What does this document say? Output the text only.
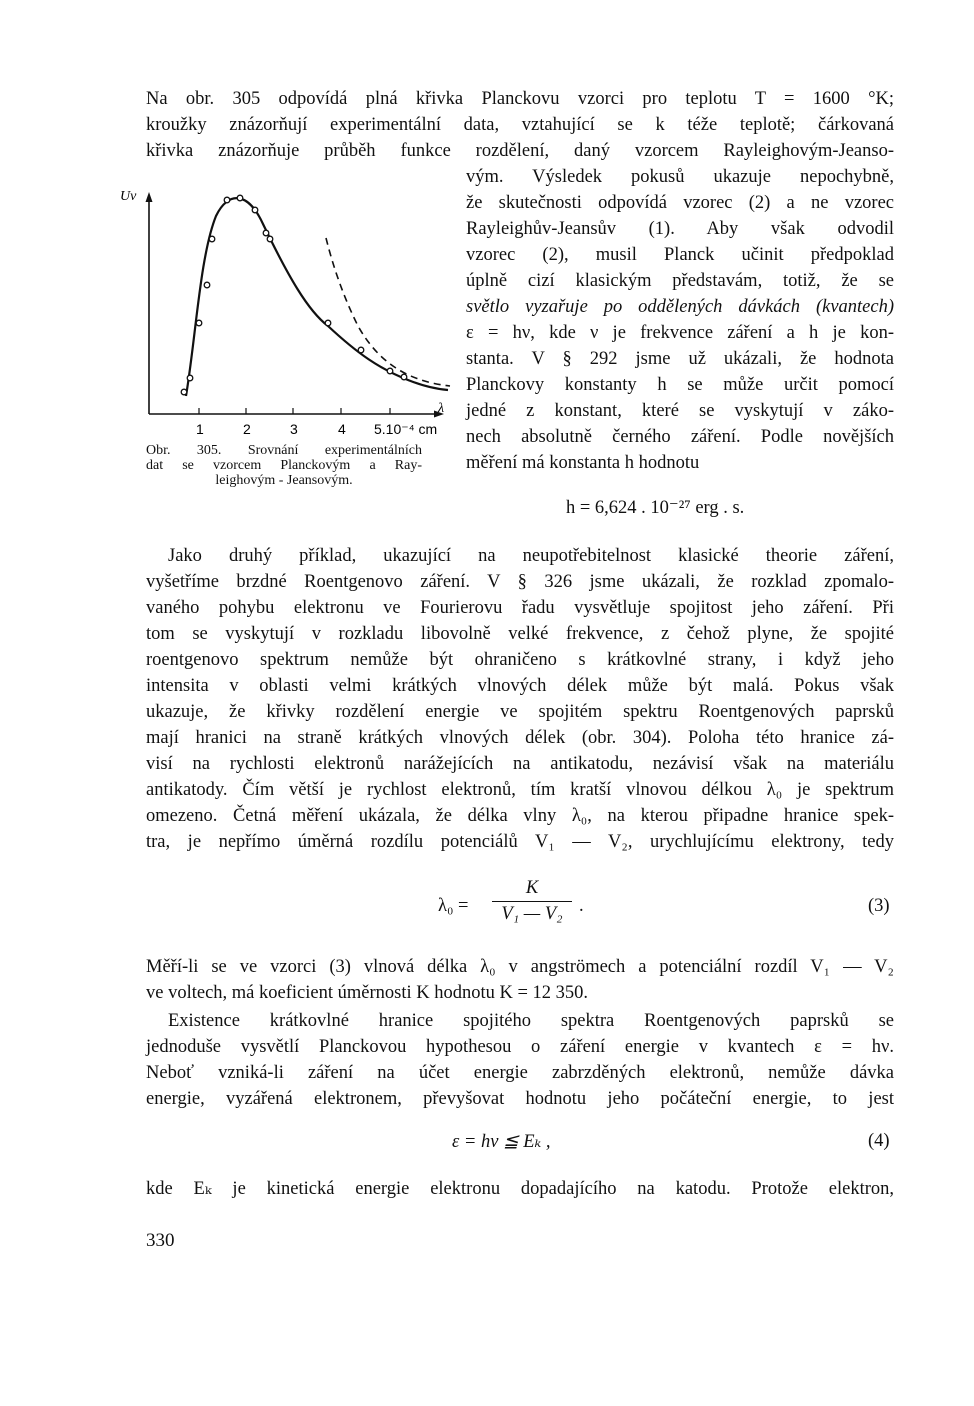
Na obr. 305 odpovídá plná křivka Planckovu vzorci pro teplotu T = 1600 °K;
kroužky znázorňují experimentální data, vztahující se k téže teplotě; čárkovaná
křivka znázorňuje průběh funkce rozdělení, daný vzorcem Rayleighovým-Jeanso-

Uν
λ
1	2	3	4 5.10⁻⁴ cm

Obr. 305. Srovnání experimentálních
dat se vzorcem Planckovým a Ray-
leighovým - Jeansovým.

vým. Výsledek pokusů ukazuje nepochybně,
že skutečnosti odpovídá vzorec (2) a ne vzorec
Rayleighův-Jeansův (1). Aby však odvodil
vzorec (2), musil Planck učinit předpoklad
úplně cizí klasickým představám, totiž, že se
světlo vyzařuje po oddělených dávkách (kvantech)
ε = hν, kde ν je frekvence záření a h je kon-
stanta. V § 292 jsme už ukázali, že hodnota
Planckovy konstanty h se může určit pomocí
jedné z konstant, které se vyskytují v záko-
nech absolutně černého záření. Podle novějších
měření má konstanta h hodnotu

h = 6,624 . 10⁻²⁷ erg . s.

Jako druhý příklad, ukazující na neupotřebitelnost klasické theorie záření,
vyšetříme brzdné Roentgenovo záření. V § 326 jsme ukázali, že rozklad zpomalo-
vaného pohybu elektronu ve Fourierovu řadu vysvětluje spojitost jeho záření. Při
tom se vyskytují v rozkladu libovolně velké frekvence, z čehož plyne, že spojité
roentgenovo spektrum nemůže být ohraničeno s krátkovlné strany, i když jeho
intensita v oblasti velmi krátkých vlnových délek může být malá. Pokus však
ukazuje, že křivky rozdělení energie ve spojitém spektru Roentgenových paprsků
mají hranici na straně krátkých vlnových délek (obr. 304). Poloha této hranice zá-
visí na rychlosti elektronů narážejících na antikatodu, nezávisí však na materiálu
antikatody. Čím větší je rychlost elektronů, tím kratší vlnovou délkou λ₀ je spektrum
omezeno. Četná měření ukázala, že délka vlny λ₀, na kterou připadne hranice spek-
tra, je nepřímo úměrná rozdílu potenciálů V₁ — V₂, urychlujícímu elektrony, tedy

$\lambda_0 = \frac{K}{\text{V₁ — V₂}}$ .	(3)

Měří-li se ve vzorci (3) vlnová délka λ₀ v angströmech a potenciální rozdíl V₁ — V₂
ve voltech, má koeficient úměrnosti K hodnotu K = 12 350.

Existence krátkovlné hranice spojitého spektra Roentgenových paprsků se
jednoduše vysvětlí Planckovou hypothesou o záření energie v kvantech ε = hν.
Neboť vzniká-li záření na účet energie zabrzděných elektronů, nemůže dávka
energie, vyzářená elektronem, převyšovat hodnotu jeho počáteční energie, to jest

ε = hν ≦ Eₖ ,	(4)

kde Eₖ je kinetická energie elektronu dopadajícího na katodu. Protože elektron,

330
